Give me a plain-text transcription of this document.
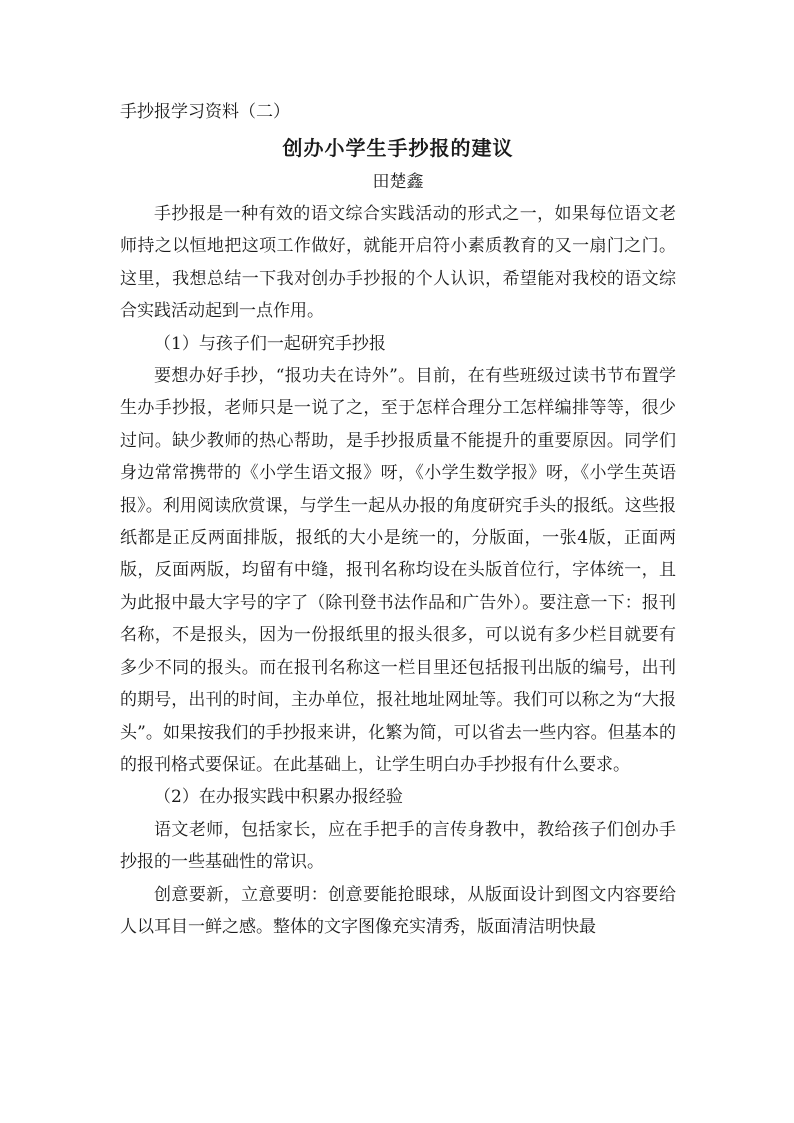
手抄报学习资料（二）
创办小学生手抄报的建议
田楚鑫

手抄报是一种有效的语文综合实践活动的形式之一，如果每位语文老师持之以恒地把这项工作做好，就能开启符小素质教育的又一扇门之门。这里，我想总结一下我对创办手抄报的个人认识，希望能对我校的语文综合实践活动起到一点作用。

（1）与孩子们一起研究手抄报

要想办好手抄，“报功夫在诗外”。目前，在有些班级过读书节布置学生办手抄报，老师只是一说了之，至于怎样合理分工怎样编排等等，很少过问。缺少教师的热心帮助，是手抄报质量不能提升的重要原因。同学们身边常常携带的《小学生语文报》呀，《小学生数学报》呀，《小学生英语报》。利用阅读欣赏课，与学生一起从办报的角度研究手头的报纸。这些报纸都是正反两面排版，报纸的大小是统一的，分版面，一张4版，正面两版，反面两版，均留有中缝，报刊名称均设在头版首位行，字体统一，且为此报中最大字号的字了（除刊登书法作品和广告外）。要注意一下：报刊名称，不是报头，因为一份报纸里的报头很多，可以说有多少栏目就要有多少不同的报头。而在报刊名称这一栏目里还包括报刊出版的编号，出刊的期号，出刊的时间，主办单位，报社地址网址等。我们可以称之为“大报头”。如果按我们的手抄报来讲，化繁为简，可以省去一些内容。但基本的的报刊格式要保证。在此基础上，让学生明白办手抄报有什么要求。

（2）在办报实践中积累办报经验

语文老师，包括家长，应在手把手的言传身教中，教给孩子们创办手抄报的一些基础性的常识。

创意要新，立意要明：创意要能抢眼球，从版面设计到图文内容要给人以耳目一鲜之感。整体的文字图像充实清秀，版面清洁明快最
